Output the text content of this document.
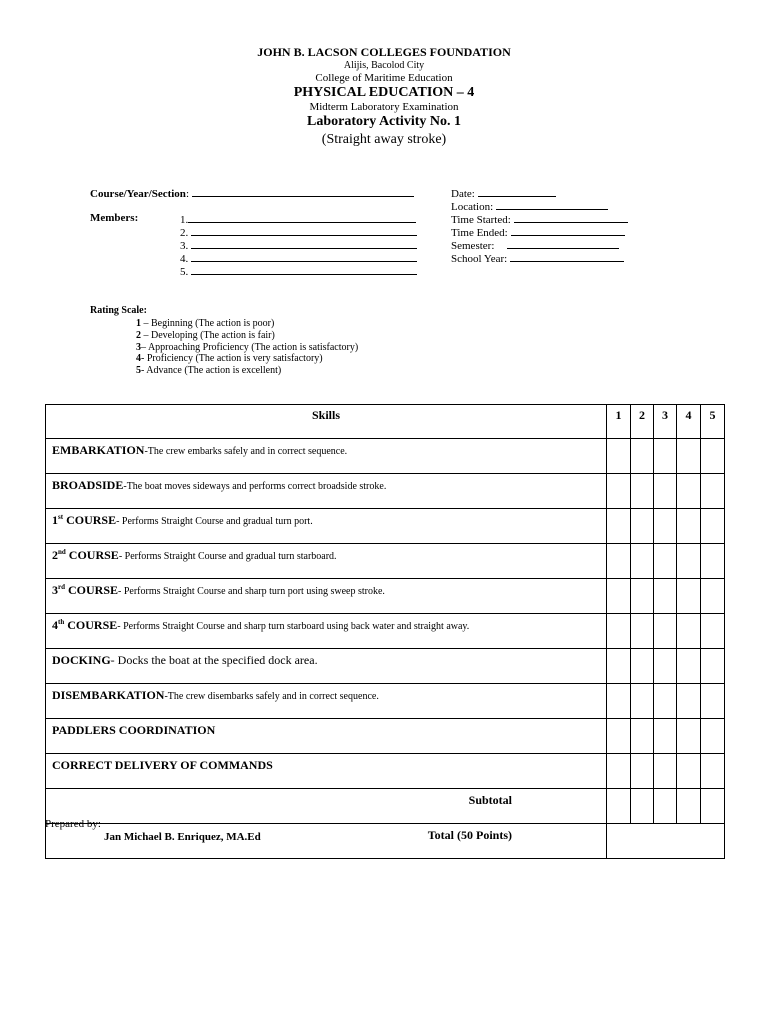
JOHN B. LACSON COLLEGES FOUNDATION
Alijis, Bacolod City
College of Maritime Education
PHYSICAL EDUCATION – 4
Midterm Laboratory Examination
Laboratory Activity No. 1
(Straight away stroke)
Course/Year/Section:
Members:	1.
2.
3.
4.
5.
Date:
Location:
Time Started:
Time Ended:
Semester:
School Year:
Rating Scale:
1 – Beginning (The action is poor)
2 – Developing (The action is fair)
3– Approaching Proficiency (The action is satisfactory)
4- Proficiency (The action is very satisfactory)
5- Advance (The action is excellent)
Skills	1	2	3	4	5
EMBARKATION-The crew embarks safely and in correct sequence.					
BROADSIDE-The boat moves sideways and performs correct broadside stroke.					
1st COURSE- Performs Straight Course and gradual turn port.					
2nd COURSE- Performs Straight Course and gradual turn starboard.					
3rd COURSE- Performs Straight Course and sharp turn port using sweep stroke.					
4th COURSE- Performs Straight Course and sharp turn starboard using back water and straight away.					
DOCKING- Docks the boat at the specified dock area.					
DISEMBARKATION-The crew disembarks safely and in correct sequence.					
PADDLERS COORDINATION					
CORRECT DELIVERY OF COMMANDS					
Subtotal					
Total (50 Points)					
Prepared by:
Jan Michael B. Enriquez, MA.Ed
